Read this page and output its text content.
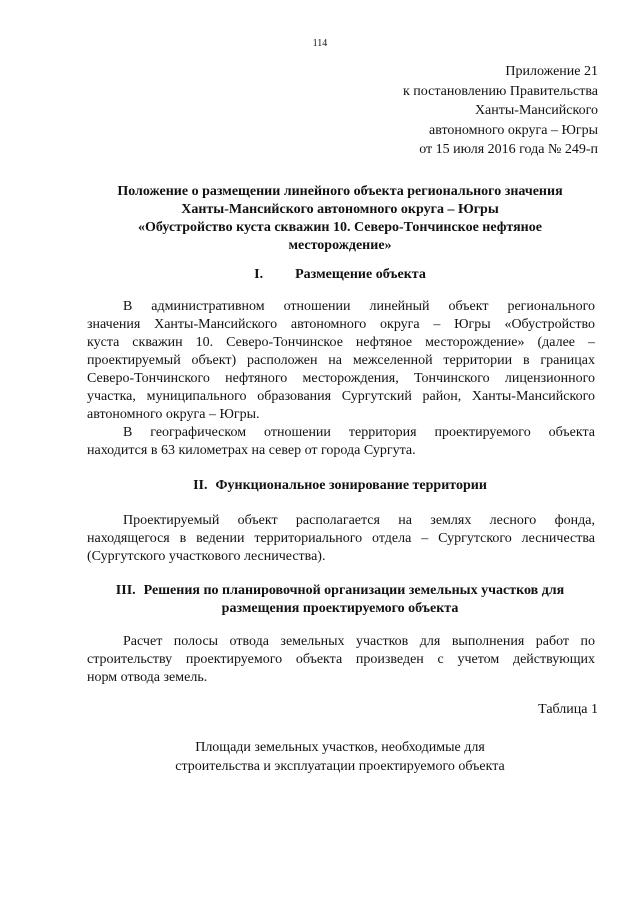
114
Приложение 21
к постановлению Правительства
Ханты-Мансийского
автономного округа – Югры
от 15 июля 2016 года № 249-п
Положение о размещении линейного объекта регионального значения
Ханты-Мансийского автономного округа – Югры
«Обустройство куста скважин 10. Северо-Тончинское нефтяное
месторождение»
I. Размещение объекта
В административном отношении линейный объект регионального
значения Ханты-Мансийского автономного округа – Югры «Обустройство
куста скважин 10. Северо-Тончинское нефтяное месторождение» (далее –
проектируемый объект) расположен на межселенной территории в границах
Северо-Тончинского нефтяного месторождения, Тончинского лицензионного
участка, муниципального образования Сургутский район, Ханты-Мансийского
автономного округа – Югры.
В географическом отношении территория проектируемого объекта
находится в 63 километрах на север от города Сургута.
II. Функциональное зонирование территории
Проектируемый объект располагается на землях лесного фонда,
находящегося в ведении территориального отдела – Сургутского лесничества
(Сургутского участкового лесничества).
III. Решения по планировочной организации земельных участков для
размещения проектируемого объекта
Расчет полосы отвода земельных участков для выполнения работ по
строительству проектируемого объекта произведен с учетом действующих
норм отвода земель.
Таблица 1
Площади земельных участков, необходимые для
строительства и эксплуатации проектируемого объекта
